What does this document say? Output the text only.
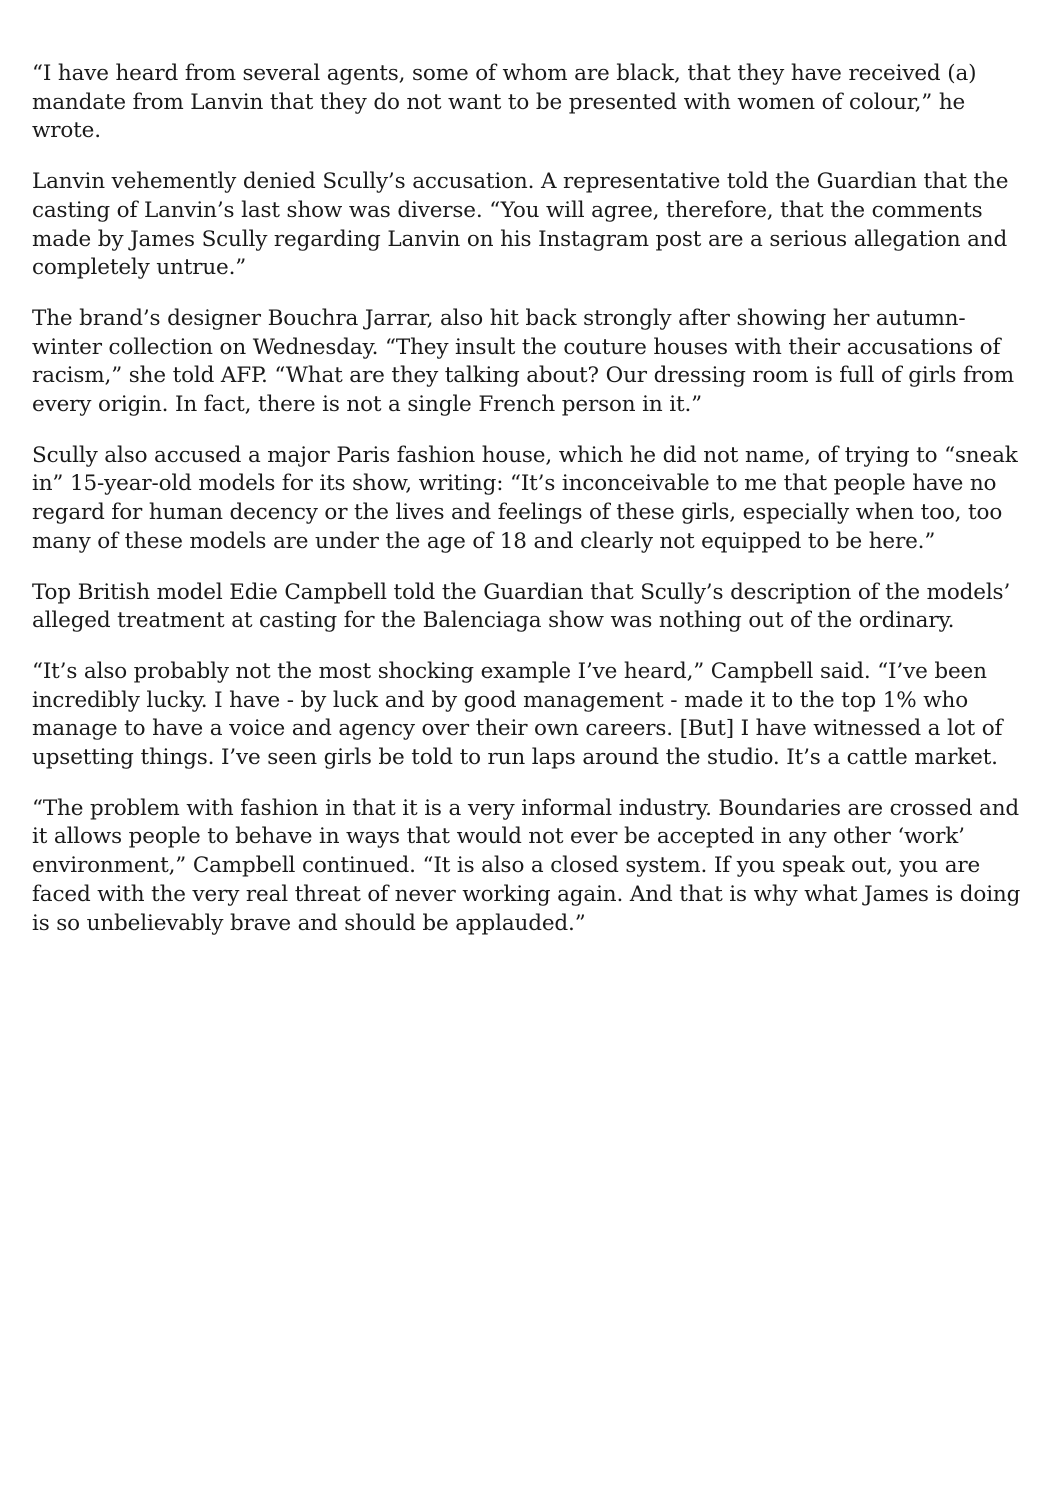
“I have heard from several agents, some of whom are black, that they have received (a) mandate from Lanvin that they do not want to be presented with women of colour,” he wrote.

Lanvin vehemently denied Scully’s accusation. A representative told the Guardian that the casting of Lanvin’s last show was diverse. “You will agree, therefore, that the comments made by James Scully regarding Lanvin on his Instagram post are a serious allegation and completely untrue.”

The brand’s designer Bouchra Jarrar, also hit back strongly after showing her autumn-winter collection on Wednesday. “They insult the couture houses with their accusations of racism,” she told AFP. “What are they talking about? Our dressing room is full of girls from every origin. In fact, there is not a single French person in it.”

Scully also accused a major Paris fashion house, which he did not name, of trying to “sneak in” 15-year-old models for its show, writing: “It’s inconceivable to me that people have no regard for human decency or the lives and feelings of these girls, especially when too, too many of these models are under the age of 18 and clearly not equipped to be here.”

Top British model Edie Campbell told the Guardian that Scully’s description of the models’ alleged treatment at casting for the Balenciaga show was nothing out of the ordinary.

“It’s also probably not the most shocking example I’ve heard,” Campbell said. “I’ve been incredibly lucky. I have - by luck and by good management - made it to the top 1% who manage to have a voice and agency over their own careers. [But] I have witnessed a lot of upsetting things. I’ve seen girls be told to run laps around the studio. It’s a cattle market.

“The problem with fashion in that it is a very informal industry. Boundaries are crossed and it allows people to behave in ways that would not ever be accepted in any other ‘work’ environment,” Campbell continued. “It is also a closed system. If you speak out, you are faced with the very real threat of never working again. And that is why what James is doing is so unbelievably brave and should be applauded.”
